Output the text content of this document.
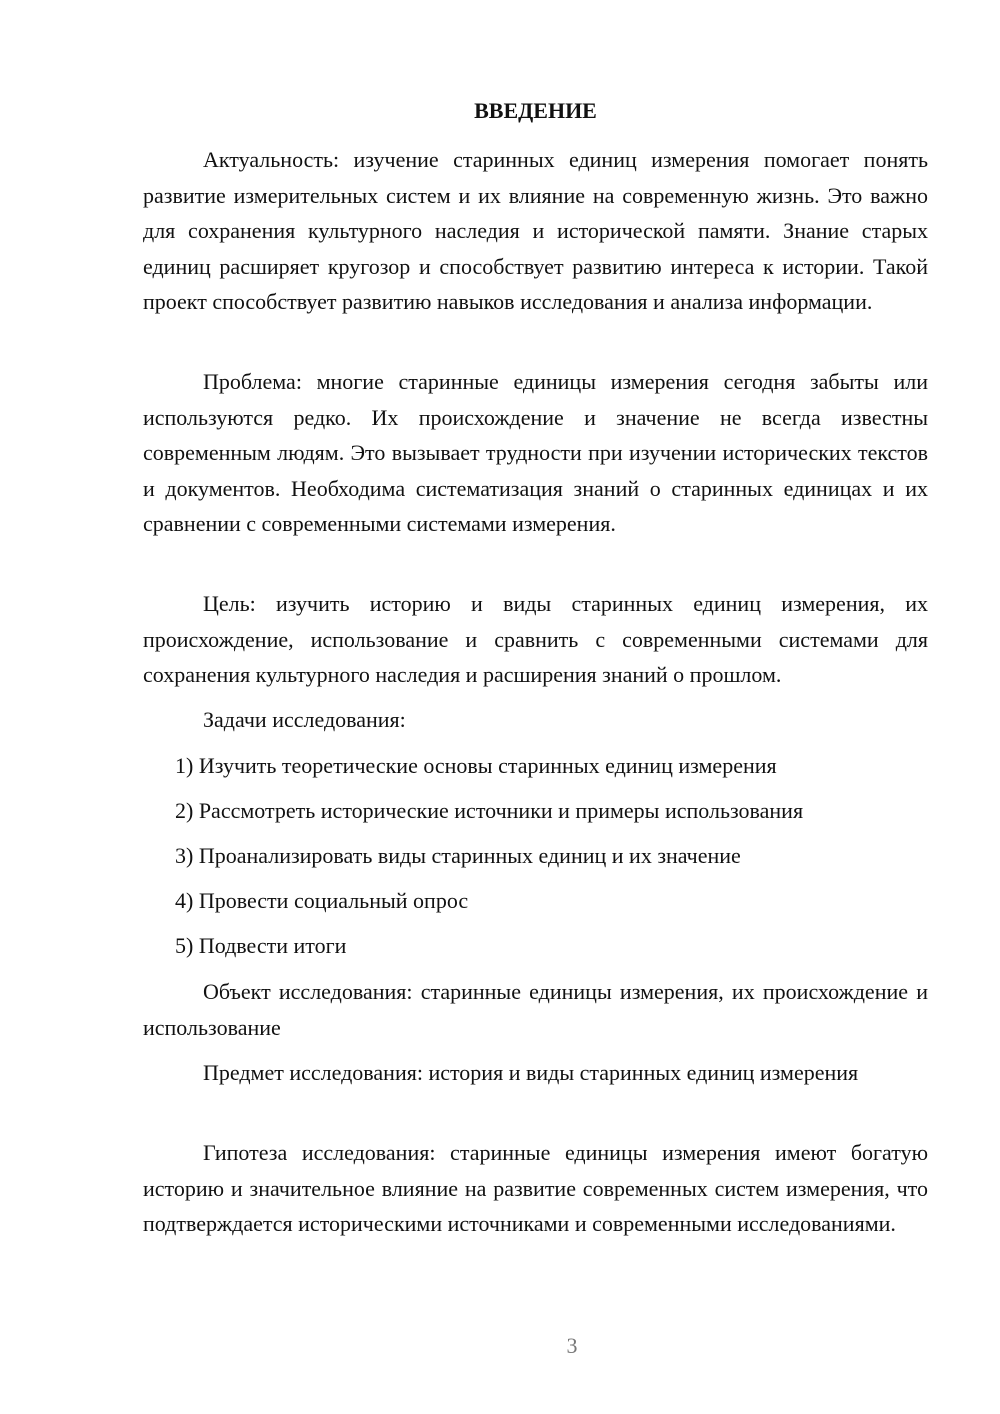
ВВЕДЕНИЕ

Актуальность: изучение старинных единиц измерения помогает понять развитие измерительных систем и их влияние на современную жизнь. Это важно для сохранения культурного наследия и исторической памяти. Знание старых единиц расширяет кругозор и способствует развитию интереса к истории. Такой проект способствует развитию навыков исследования и анализа информации.

Проблема: многие старинные единицы измерения сегодня забыты или используются редко. Их происхождение и значение не всегда известны современным людям. Это вызывает трудности при изучении исторических текстов и документов. Необходима систематизация знаний о старинных единицах и их сравнении с современными системами измерения.

Цель: изучить историю и виды старинных единиц измерения, их происхождение, использование и сравнить с современными системами для сохранения культурного наследия и расширения знаний о прошлом.

Задачи исследования:

1) Изучить теоретические основы старинных единиц измерения

2) Рассмотреть исторические источники и примеры использования

3) Проанализировать виды старинных единиц и их значение

4) Провести социальный опрос

5) Подвести итоги

Объект исследования: старинные единицы измерения, их происхождение и использование

Предмет исследования: история и виды старинных единиц измерения

Гипотеза исследования: старинные единицы измерения имеют богатую историю и значительное влияние на развитие современных систем измерения, что подтверждается историческими источниками и современными исследованиями.

3
